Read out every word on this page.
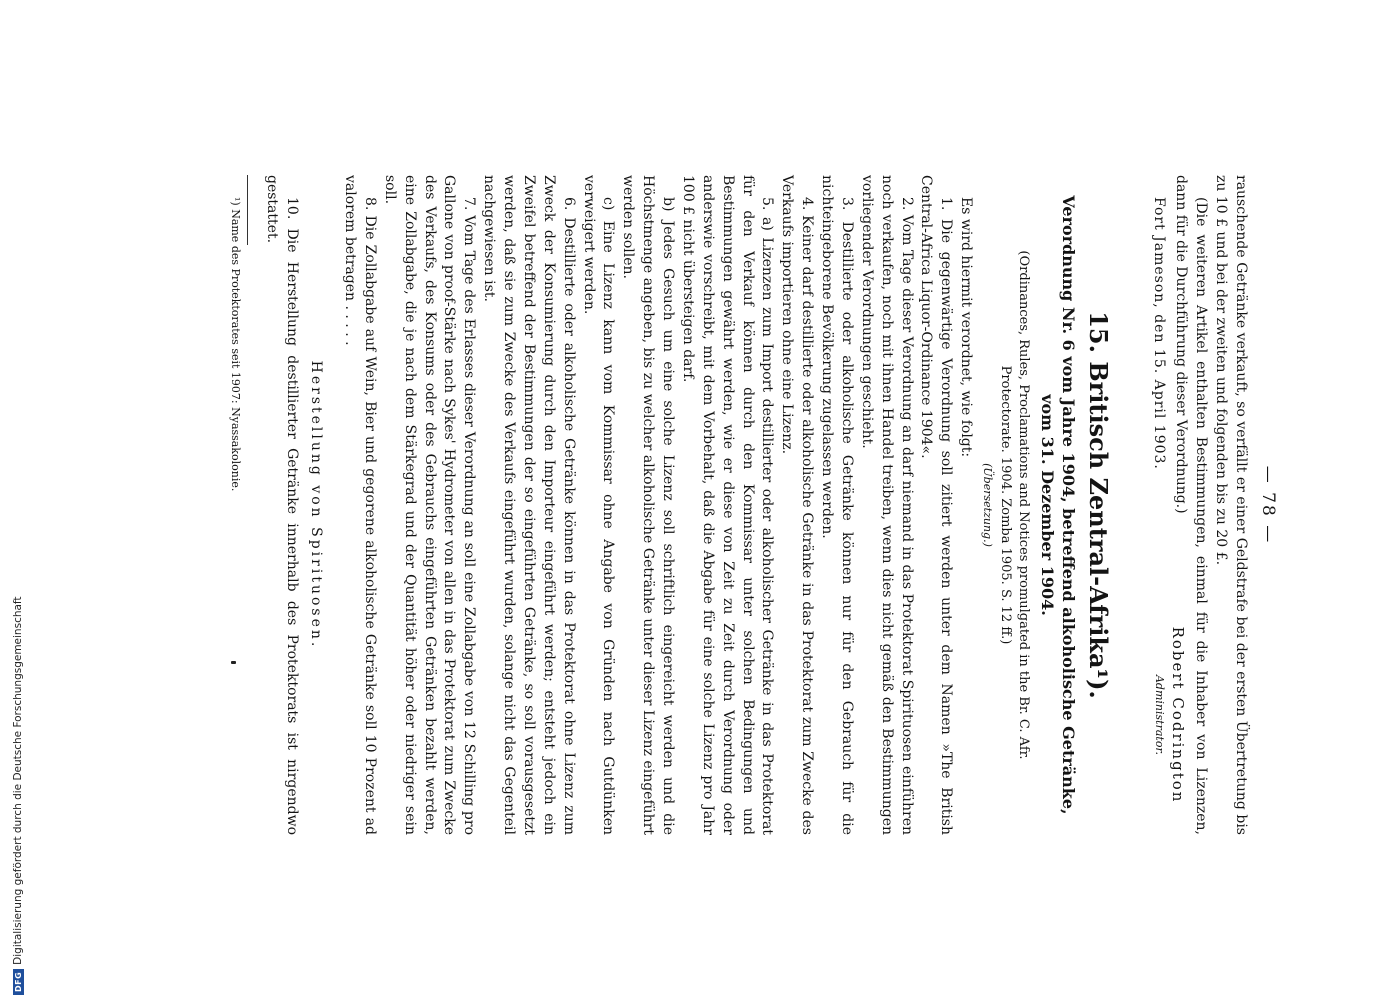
— 78 —

rauschende Getränke verkauft, so verfällt er einer Geldstrafe bei der ersten Übertretung bis zu 10 £ und bei der zweiten und folgenden bis zu 20 £.

(Die weiteren Artikel enthalten Bestimmungen, einmal für die Inhaber von Lizenzen, dann für die Durchführung dieser Verordnung.)

Fort Jameson, den 15. April 1903.
Robert Codrington
Administrator.
15. Britisch Zentral-Afrika¹).
Verordnung Nr. 6 vom Jahre 1904, betreffend alkoholische Getränke, vom 31. Dezember 1904.
(Ordinances, Rules, Proclamations and Notices promulgated in the Br. C. Afr. Protectorate. 1904. Zomba 1905. S. 12 ff.)
(Übersetzung.)

Es wird hiermit verordnet, wie folgt:

1. Die gegenwärtige Verordnung soll zitiert werden unter dem Namen »The British Central-Africa Liquor-Ordinance 1904«.

2. Vom Tage dieser Verordnung an darf niemand in das Protektorat Spirituosen einführen noch verkaufen, noch mit ihnen Handel treiben, wenn dies nicht gemäß den Bestimmungen vorliegender Verordnungen geschieht.

3. Destillierte oder alkoholische Getränke können nur für den Gebrauch für die nichteingeborene Bevölkerung zugelassen werden.

4. Keiner darf destillierte oder alkoholische Getränke in das Protektorat zum Zwecke des Verkaufs importieren ohne eine Lizenz.

5. a) Lizenzen zum Import destillierter oder alkoholischer Getränke in das Protektorat für den Verkauf können durch den Kommissar unter solchen Bedingungen und Bestimmungen gewährt werden, wie er diese von Zeit zu Zeit durch Verordnung oder anderswie vorschreibt, mit dem Vorbehalt, daß die Abgabe für eine solche Lizenz pro Jahr 100 £ nicht übersteigen darf.

b) Jedes Gesuch um eine solche Lizenz soll schriftlich eingereicht werden und die Höchstmenge angeben, bis zu welcher alkoholische Getränke unter dieser Lizenz eingeführt werden sollen.

c) Eine Lizenz kann vom Kommissar ohne Angabe von Gründen nach Gutdünken verweigert werden.

6. Destillierte oder alkoholische Getränke können in das Protektorat ohne Lizenz zum Zweck der Konsumierung durch den Importeur eingeführt werden; entsteht jedoch ein Zweifel betreffend der Bestimmungen der so eingeführten Getränke, so soll vorausgesetzt werden, daß sie zum Zwecke des Verkaufs eingeführt wurden, solange nicht das Gegenteil nachgewiesen ist.

7. Vom Tage des Erlasses dieser Verordnung an soll eine Zollabgabe von 12 Schilling pro Gallone von proof-Stärke nach Sykes' Hydrometer von allen in das Protektorat zum Zwecke des Verkaufs, des Konsums oder des Gebrauchs eingeführten Getränken bezahlt werden, eine Zollabgabe, die je nach dem Stärkegrad und der Quantität höher oder niedriger sein soll.

8. Die Zollabgabe auf Wein, Bier und gegorene alkoholische Getränke soll 10 Prozent ad valorem betragen . . . . .

Herstellung von Spirituosen.

10. Die Herstellung destillierter Getränke innerhalb des Protektorats ist nirgendwo gestattet.

¹) Name des Protektorates seit 1907: Nyassakolonie.

DFG
Digitalisierung gefördert durch die Deutsche Forschungsgemeinschaft
